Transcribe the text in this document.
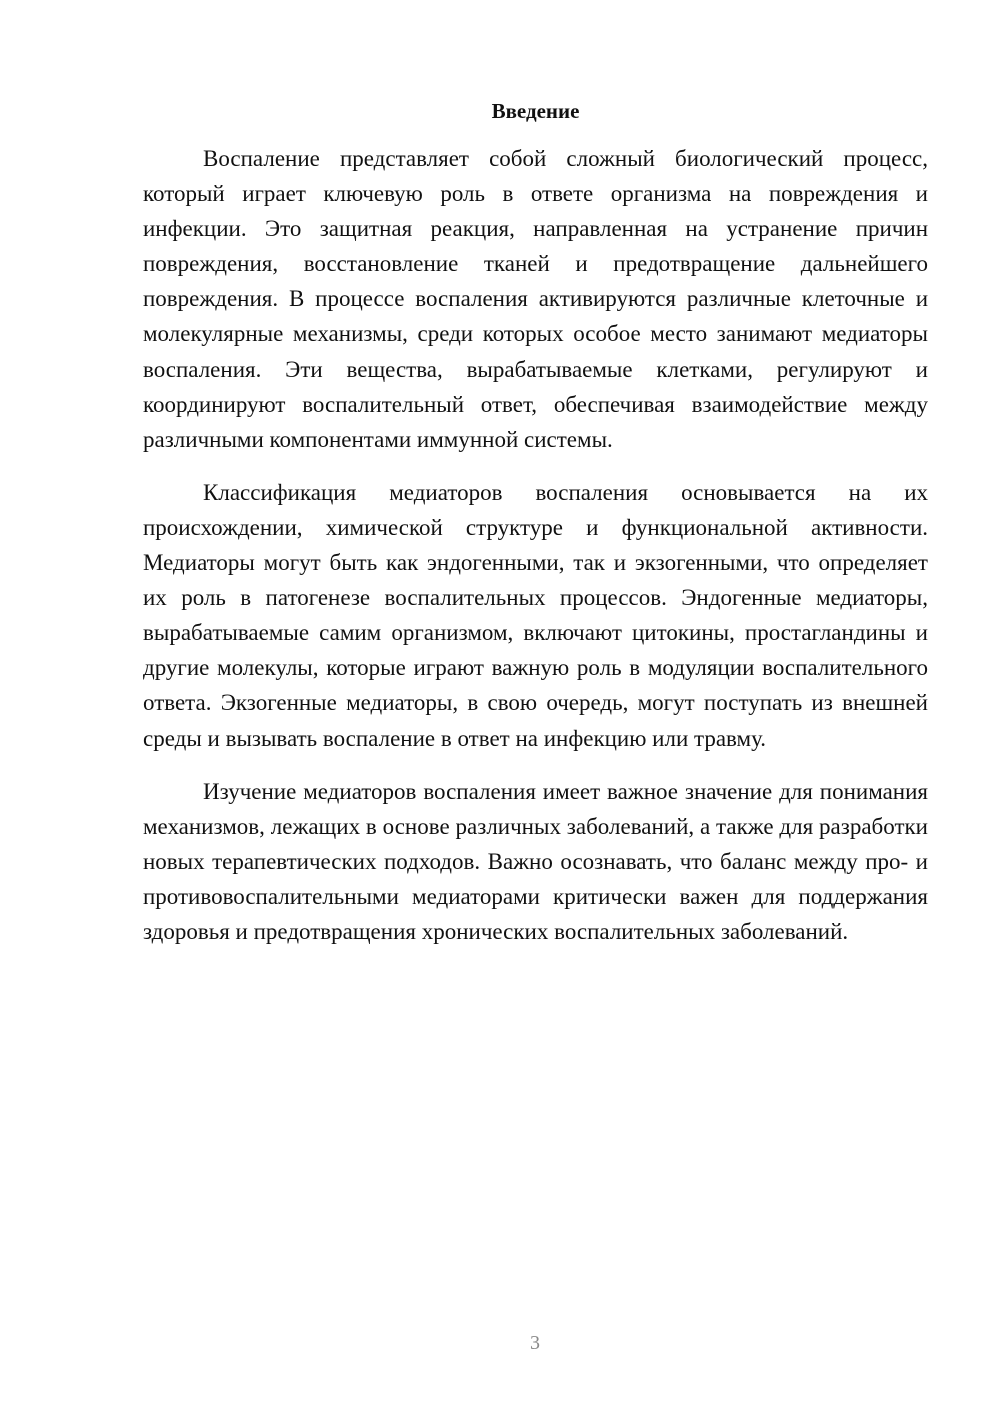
Введение

Воспаление представляет собой сложный биологический процесс, который играет ключевую роль в ответе организма на повреждения и инфекции. Это защитная реакция, направленная на устранение причин повреждения, восстановление тканей и предотвращение дальнейшего повреждения. В процессе воспаления активируются различные клеточные и молекулярные механизмы, среди которых особое место занимают медиаторы воспаления. Эти вещества, вырабатываемые клетками, регулируют и координируют воспалительный ответ, обеспечивая взаимодействие между различными компонентами иммунной системы.

Классификация медиаторов воспаления основывается на их происхождении, химической структуре и функциональной активности. Медиаторы могут быть как эндогенными, так и экзогенными, что определяет их роль в патогенезе воспалительных процессов. Эндогенные медиаторы, вырабатываемые самим организмом, включают цитокины, простагландины и другие молекулы, которые играют важную роль в модуляции воспалительного ответа. Экзогенные медиаторы, в свою очередь, могут поступать из внешней среды и вызывать воспаление в ответ на инфекцию или травму.

Изучение медиаторов воспаления имеет важное значение для понимания механизмов, лежащих в основе различных заболеваний, а также для разработки новых терапевтических подходов. Важно осознавать, что баланс между про- и противовоспалительными медиаторами критически важен для поддержания здоровья и предотвращения хронических воспалительных заболеваний.

3
